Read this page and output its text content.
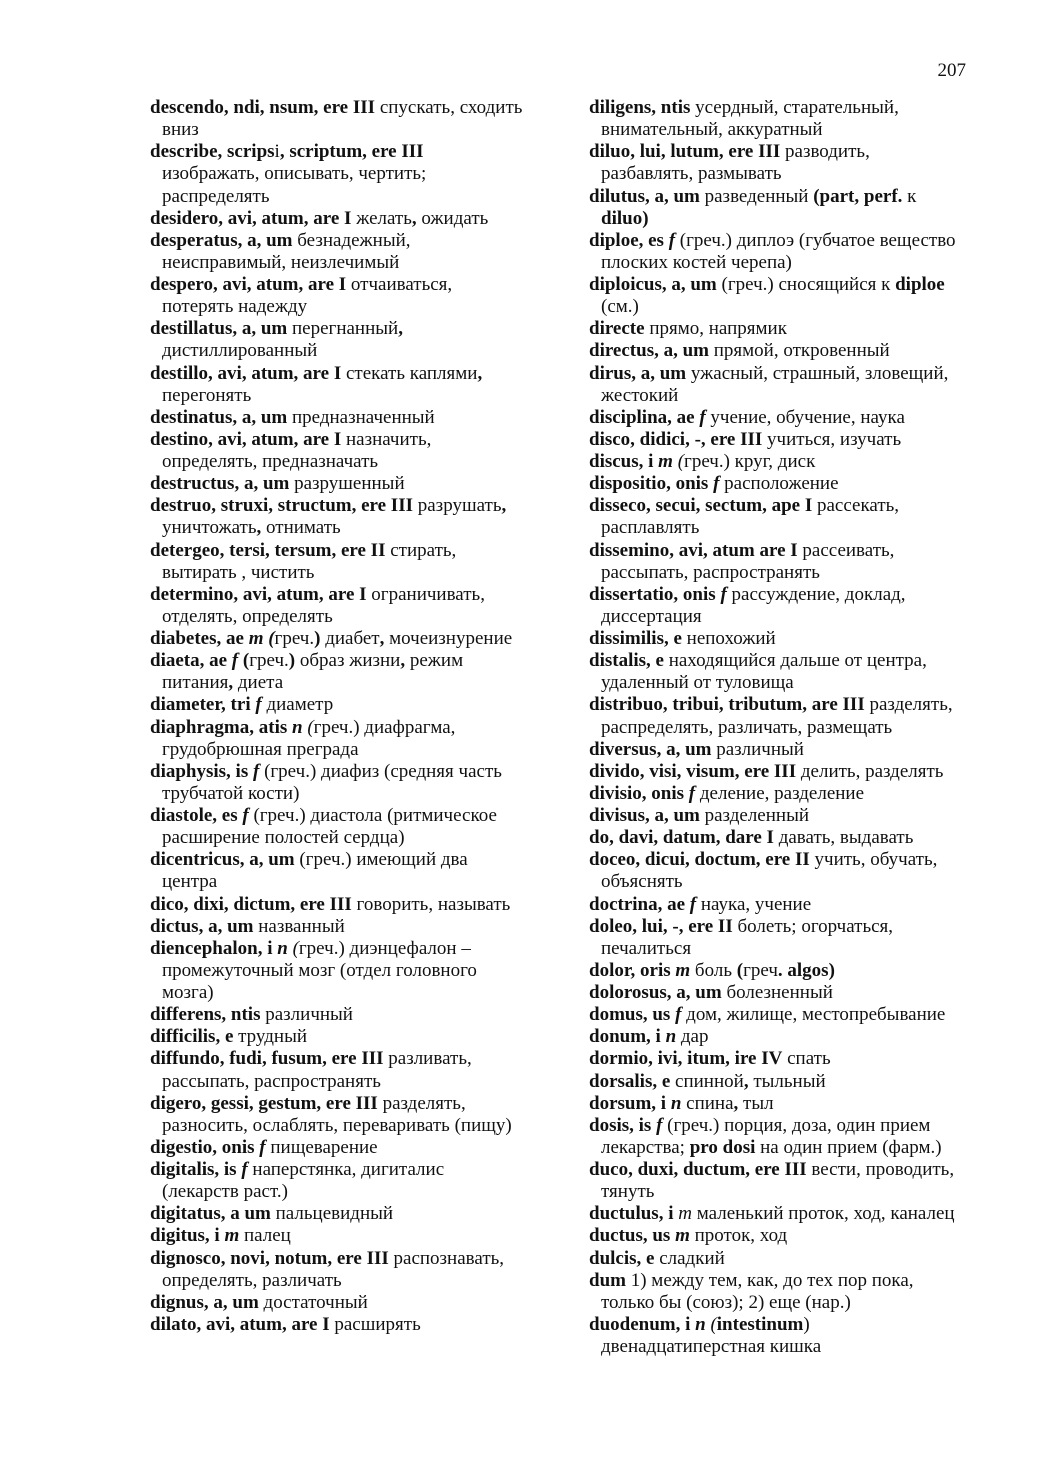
207
descendo, ndi, nsum, ere III спускать, сходить
вниз
describe, scripsi, scriptum, ere III
изображать, описывать, чертить;
распределять
desidero, avi, atum, are I желать, ожидать
desperatus, a, um безнадежный,
неисправимый, неизлечимый
despero, avi, atum, are I отчаиваться,
потерять надежду
destillatus, a, um перегнанный,
дистиллированный
destillo, avi, atum, are I стекать каплями,
перегонять
destinatus, a, um предназначенный
destino, avi, atum, are I назначить,
определять, предназначать
destructus, a, um разрушенный
destruo, struxi, structum, ere III разрушать,
уничтожать, отнимать
detergeo, tersi, tersum, ere II стирать,
вытирать , чистить
determino, avi, atum, are I ограничивать,
отделять, определять
diabetes, ae m (греч.) диабет, мочеизнурение
diaeta, ae f (греч.) образ жизни, режим
питания, диета
diameter, tri f диаметр
diaphragma, atis n (греч.) диафрагма,
грудобрюшная преграда
diaphysis, is f (греч.) диафиз (средняя часть
трубчатой кости)
diastole, es f (греч.) диастола (ритмическое
расширение полостей сердца)
dicentricus, a, um (греч.) имеющий два
центра
dico, dixi, dictum, ere III говорить, называть
dictus, a, um названный
diencephalon, i n (греч.) диэнцефалон –
промежуточный мозг (отдел головного
мозга)
differens, ntis различный
difficilis, e трудный
diffundo, fudi, fusum, ere III разливать,
рассыпать, распространять
digero, gessi, gestum, ere III разделять,
разносить, ослаблять, переваривать (пищу)
digestio, onis f пищеварение
digitalis, is f наперстянка, дигиталис
(лекарств раст.)
digitatus, a um пальцевидный
digitus, i m палец
dignosco, novi, notum, ere III распознавать,
определять, различать
dignus, a, um достаточный
dilato, avi, atum, are I расширять
diligens, ntis усердный, старательный,
внимательный, аккуратный
diluo, lui, lutum, ere III разводить,
разбавлять, размывать
dilutus, a, um разведенный (part, perf. к
diluo)
diploe, es f (греч.) диплоэ (губчатое вещество
плоских костей черепа)
diploicus, a, um (греч.) сносящийся к diploe
(см.)
directe прямо, напрямик
directus, a, um прямой, откровенный
dirus, a, um ужасный, страшный, зловещий,
жестокий
disciplina, ae f учение, обучение, наука
disco, didici, -, ere III учиться, изучать
discus, i m (греч.) круг, диск
dispositio, onis f расположение
disseco, secui, sectum, ape I рассекать,
расплавлять
dissemino, avi, atum are I рассеивать,
рассыпать, распространять
dissertatio, onis f рассуждение, доклад,
диссертация
dissimilis, e непохожий
distalis, e находящийся дальше от центра,
удаленный от туловища
distribuo, tribui, tributum, are III разделять,
распределять, различать, размещать
diversus, a, um различный
divido, visi, visum, ere III делить, разделять
divisio, onis f деление, разделение
divisus, a, um разделенный
do, davi, datum, dare I давать, выдавать
doceo, dicui, doctum, ere II учить, обучать,
объяснять
doctrina, ae f наука, учение
doleo, lui, -, ere II болеть; огорчаться,
печалиться
dolor, oris m боль (греч. algos)
dolorosus, a, um болезненный
domus, us f дом, жилище, местопребывание
donum, i n дар
dormio, ivi, itum, ire IV спать
dorsalis, e спинной, тыльный
dorsum, i n спина, тыл
dosis, is f (греч.) порция, доза, один прием
лекарства; pro dosi на один прием (фарм.)
duco, duxi, ductum, ere III вести, проводить,
тянуть
ductulus, i m маленький проток, ход, каналец
ductus, us m проток, ход
dulcis, e сладкий
dum 1) между тем, как, до тех пор пока,
только бы (союз); 2) еще (нар.)
duodenum, i n (intestinum)
двенадцатиперстная кишка
